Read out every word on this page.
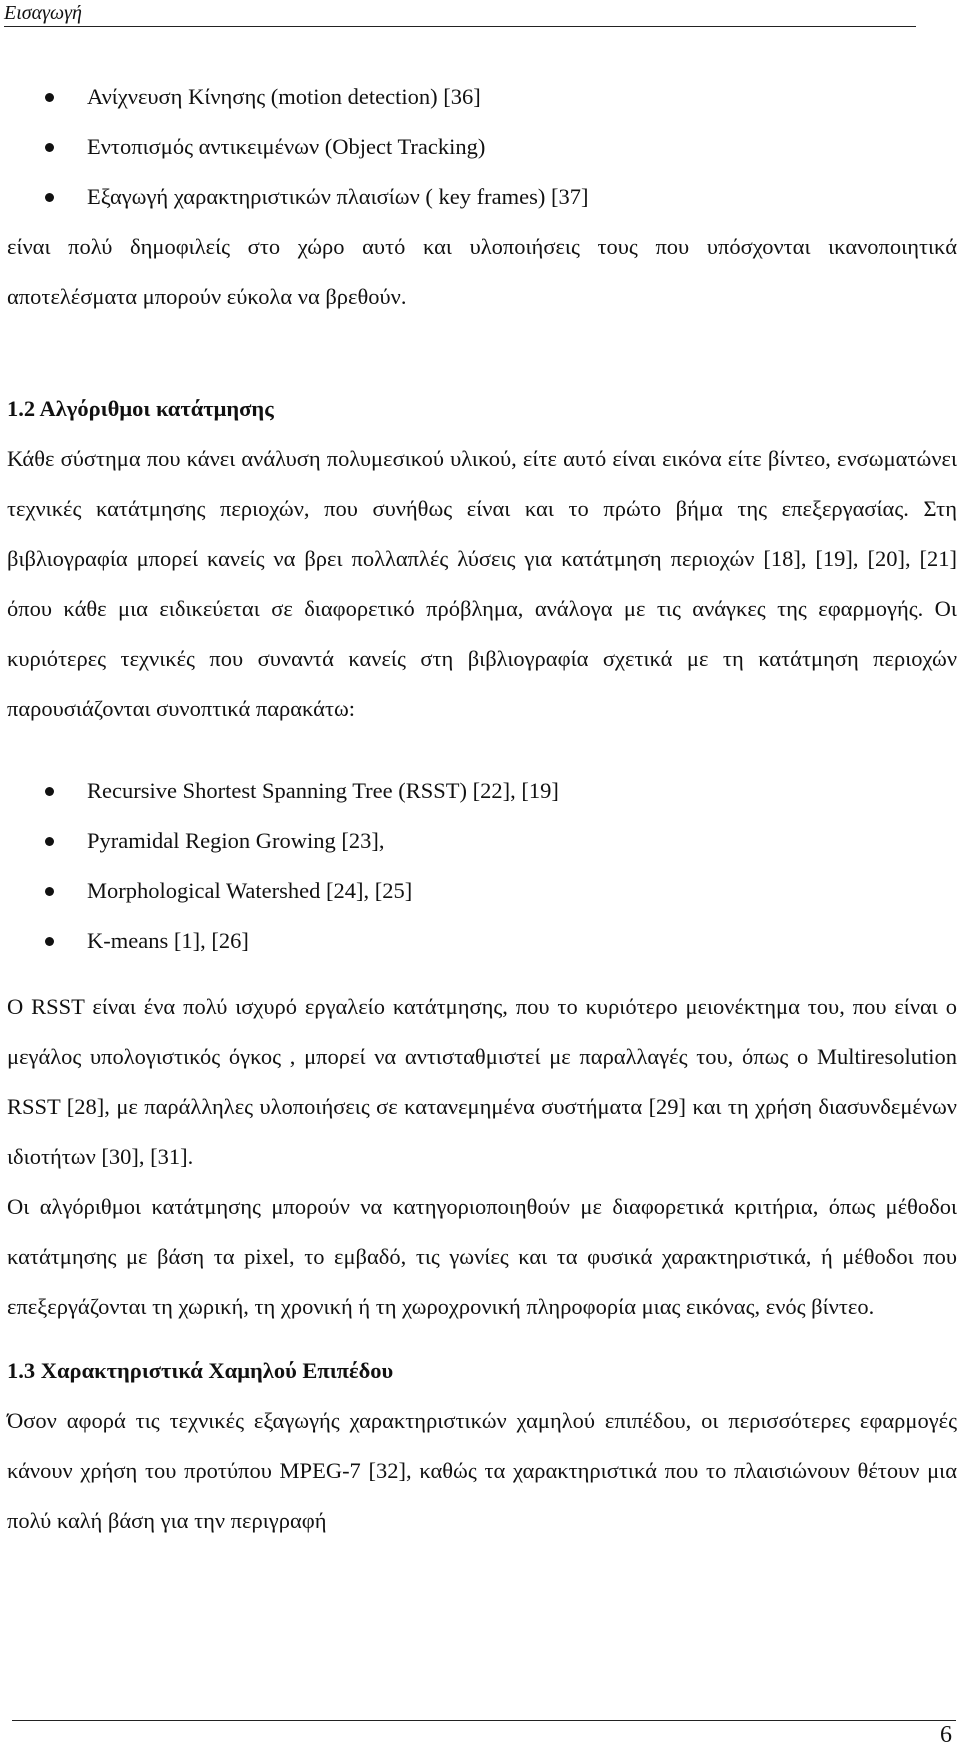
Εισαγωγή
Ανίχνευση Κίνησης (motion detection) [36]
Εντοπισμός αντικειμένων (Object Tracking)
Εξαγωγή χαρακτηριστικών πλαισίων ( key frames) [37]

είναι πολύ δημοφιλείς στο χώρο αυτό και υλοποιήσεις τους που υπόσχονται ικανοποιητικά αποτελέσματα μπορούν εύκολα να βρεθούν.

1.2 Αλγόριθμοι κατάτμησης

Κάθε σύστημα που κάνει ανάλυση πολυμεσικού υλικού, είτε αυτό είναι εικόνα είτε βίντεο, ενσωματώνει τεχνικές κατάτμησης περιοχών, που συνήθως είναι και το πρώτο βήμα της επεξεργασίας. Στη βιβλιογραφία μπορεί κανείς να βρει πολλαπλές λύσεις για κατάτμηση περιοχών [18], [19], [20], [21] όπου κάθε μια ειδικεύεται σε διαφορετικό πρόβλημα, ανάλογα με τις ανάγκες της εφαρμογής. Οι κυριότερες τεχνικές που συναντά κανείς στη βιβλιογραφία σχετικά με τη κατάτμηση περιοχών παρουσιάζονται συνοπτικά παρακάτω:

Recursive Shortest Spanning Tree (RSST) [22], [19]
Pyramidal Region Growing [23],
Morphological Watershed [24], [25]
K-means [1], [26]

Ο RSST είναι ένα πολύ ισχυρό εργαλείο κατάτμησης, που το κυριότερο μειονέκτημα του, που είναι ο μεγάλος υπολογιστικός όγκος , μπορεί να αντισταθμιστεί με παραλλαγές του, όπως ο Multiresolution RSST [28], με παράλληλες υλοποιήσεις σε κατανεμημένα συστήματα [29] και τη χρήση διασυνδεμένων ιδιοτήτων [30], [31].

Οι αλγόριθμοι κατάτμησης μπορούν να κατηγοριοποιηθούν με διαφορετικά κριτήρια, όπως μέθοδοι κατάτμησης με βάση τα pixel, το εμβαδό, τις γωνίες και τα φυσικά χαρακτηριστικά, ή μέθοδοι που επεξεργάζονται τη χωρική, τη χρονική ή τη χωροχρονική πληροφορία μιας εικόνας, ενός βίντεο.

1.3 Χαρακτηριστικά Χαμηλού Επιπέδου

Όσον αφορά τις τεχνικές εξαγωγής χαρακτηριστικών χαμηλού επιπέδου, οι περισσότερες εφαρμογές κάνουν χρήση του προτύπου MPEG-7 [32], καθώς τα χαρακτηριστικά που το πλαισιώνουν θέτουν μια πολύ καλή βάση για την περιγραφή

6
